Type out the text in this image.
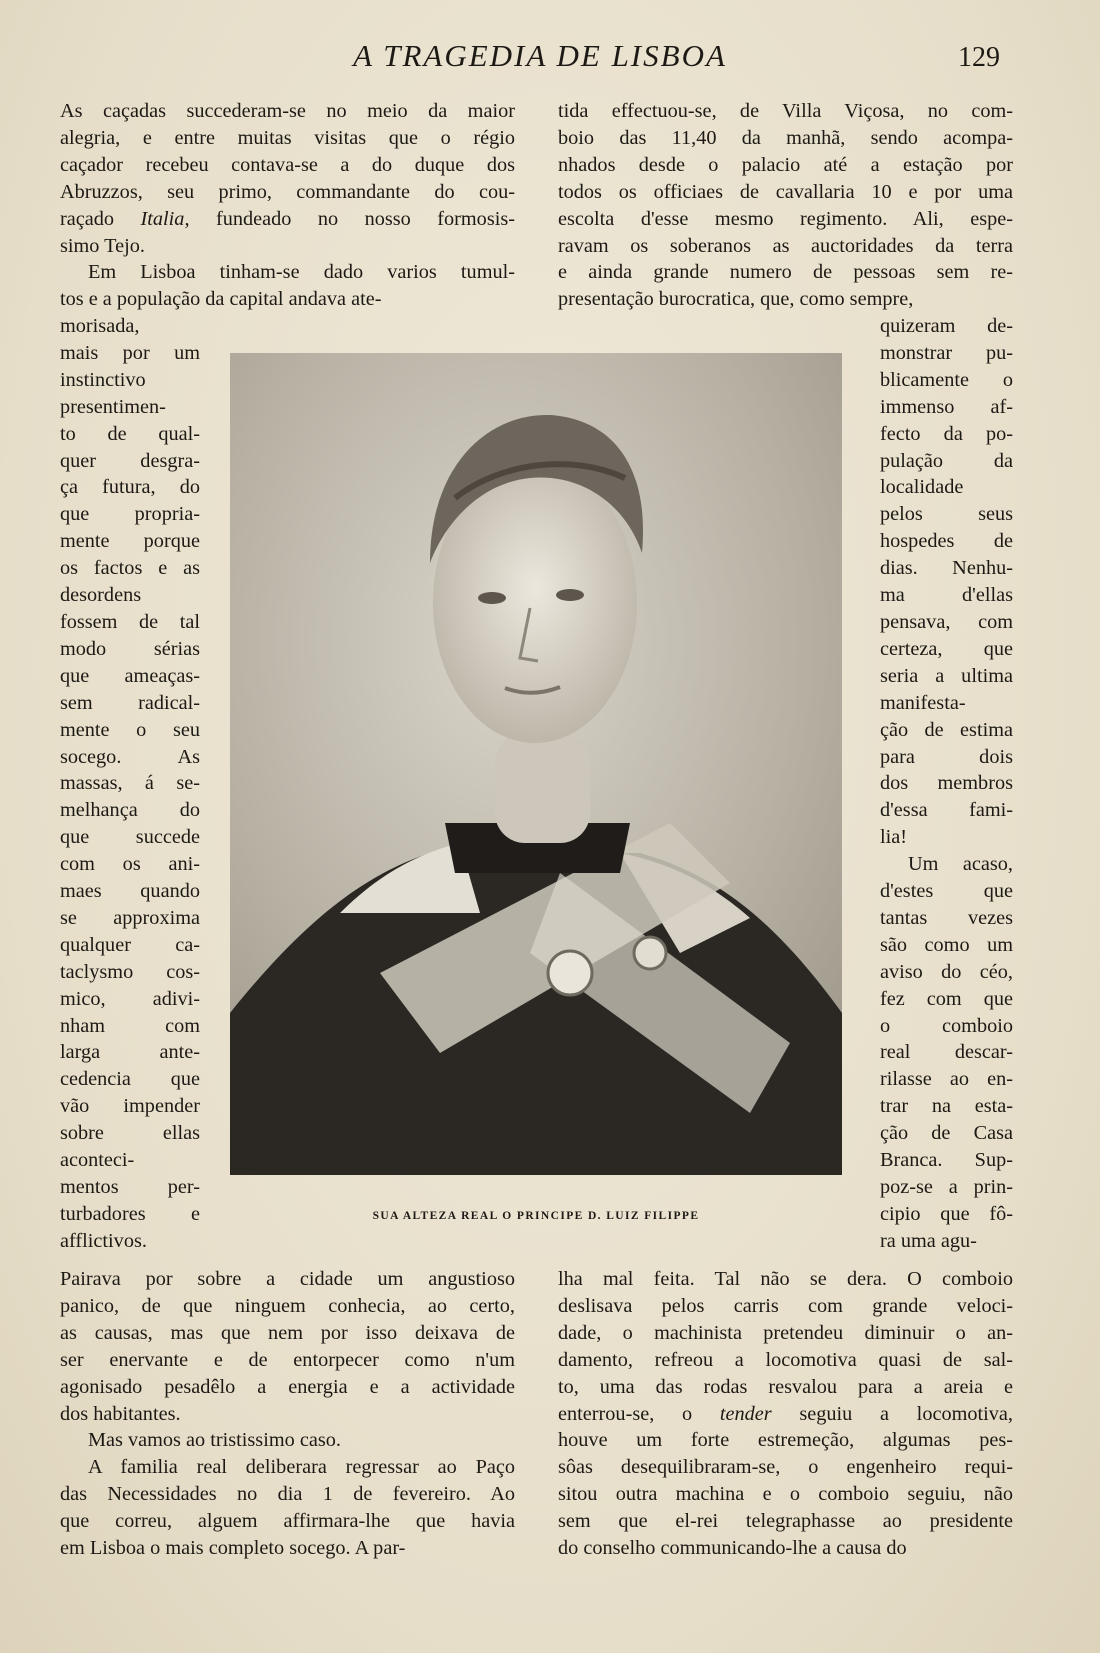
A TRAGEDIA DE LISBOA	129
As caçadas succederam-se no meio da maior
alegria, e entre muitas visitas que o régio
caçador recebeu contava-se a do duque dos
Abruzzos, seu primo, commandante do cou-
raçado Italia, fundeado no nosso formosis-
simo Tejo.
Em Lisboa tinham-se dado varios tumul-
tos e a população da capital andava ate-
morisada,
mais por um
instinctivo
presentimen-
to de qual-
quer desgra-
ça futura, do
que propria-
mente porque
os factos e as
desordens
fossem de tal
modo sérias
que ameaças-
sem radical-
mente o seu
socego. As
massas, á se-
melhança do
que succede
com os ani-
maes quando
se approxima
qualquer ca-
taclysmo cos-
mico, adivi-
nham com
larga ante-
cedencia que
vão impender
sobre ellas
aconteci-
mentos per-
turbadores e
afflictivos.
tida effectuou-se, de Villa Viçosa, no com-
boio das 11,40 da manhã, sendo acompa-
nhados desde o palacio até a estação por
todos os officiaes de cavallaria 10 e por uma
escolta d'esse mesmo regimento. Ali, espe-
ravam os soberanos as auctoridades da terra
e ainda grande numero de pessoas sem re-
presentação burocratica, que, como sempre,
quizeram de-
monstrar pu-
blicamente o
immenso af-
fecto da po-
pulação da
localidade
pelos seus
hospedes de
dias. Nenhu-
ma d'ellas
pensava, com
certeza, que
seria a ultima
manifesta-
ção de estima
para dois
dos membros
d'essa fami-
lia!
Um acaso,
d'estes que
tantas vezes
são como um
aviso do céo,
fez com que
o comboio
real descar-
rilasse ao en-
trar na esta-
ção de Casa
Branca. Sup-
poz-se a prin-
cipio que fô-
ra uma agu-
SUA ALTEZA REAL O PRINCIPE D. LUIZ FILIPPE
Pairava por sobre a cidade um angustioso
panico, de que ninguem conhecia, ao certo,
as causas, mas que nem por isso deixava de
ser enervante e de entorpecer como n'um
agonisado pesadêlo a energia e a actividade
dos habitantes.
Mas vamos ao tristissimo caso.
A familia real deliberara regressar ao Paço
das Necessidades no dia 1 de fevereiro. Ao
que correu, alguem affirmara-lhe que havia
em Lisboa o mais completo socego. A par-
lha mal feita. Tal não se dera. O comboio
deslisava pelos carris com grande veloci-
dade, o machinista pretendeu diminuir o an-
damento, refreou a locomotiva quasi de sal-
to, uma das rodas resvalou para a areia e
enterrou-se, o tender seguiu a locomotiva,
houve um forte estremeção, algumas pes-
sôas desequilibraram-se, o engenheiro requi-
sitou outra machina e o comboio seguiu, não
sem que el-rei telegraphasse ao presidente
do conselho communicando-lhe a causa do
